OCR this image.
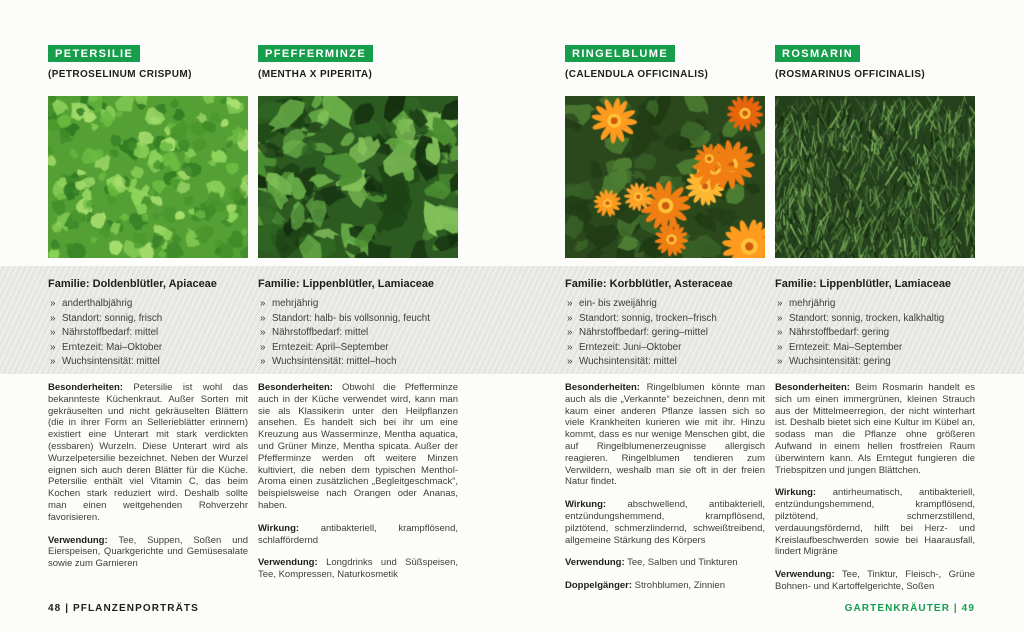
PETERSILIE
(PETROSELINUM CRISPUM)
Familie: Doldenblütler, Apiaceae
» anderthalbjährig
» Standort: sonnig, frisch
» Nährstoffbedarf: mittel
» Erntezeit: Mai–Oktober
» Wuchsintensität: mittel

Besonderheiten: Petersilie ist wohl das bekannteste Küchenkraut. Außer Sorten mit gekräuselten und nicht gekräuselten Blättern (die in ihrer Form an Sellerieblätter erinnern) existiert eine Unterart mit stark verdickten (essbaren) Wurzeln. Diese Unterart wird als Wurzelpetersilie bezeichnet. Neben der Wurzel eignen sich auch deren Blätter für die Küche. Petersilie enthält viel Vitamin C, das beim Kochen stark reduziert wird. Deshalb sollte man einen weitgehenden Rohverzehr favorisieren.

Verwendung: Tee, Suppen, Soßen und Eierspeisen, Quarkgerichte und Gemüsesalate sowie zum Garnieren

PFEFFERMINZE
(MENTHA X PIPERITA)
Familie: Lippenblütler, Lamiaceae
» mehrjährig
» Standort: halb- bis vollsonnig, feucht
» Nährstoffbedarf: mittel
» Erntezeit: April–September
» Wuchsintensität: mittel–hoch

Besonderheiten: Obwohl die Pfefferminze auch in der Küche verwendet wird, kann man sie als Klassikerin unter den Heilpflanzen ansehen. Es handelt sich bei ihr um eine Kreuzung aus Wasserminze, Mentha aquatica, und Grüner Minze, Mentha spicata. Außer der Pfefferminze werden oft weitere Minzen kultiviert, die neben dem typischen Menthol-Aroma einen zusätzlichen „Begleitgeschmack“, beispielsweise nach Orangen oder Ananas, haben.

Wirkung: antibakteriell, krampflösend, schlaffördernd

Verwendung: Longdrinks und Süßspeisen, Tee, Kompressen, Naturkosmetik

RINGELBLUME
(CALENDULA OFFICINALIS)
Familie: Korbblütler, Asteraceae
» ein- bis zweijährig
» Standort: sonnig, trocken–frisch
» Nährstoffbedarf: gering–mittel
» Erntezeit: Juni–Oktober
» Wuchsintensität: mittel

Besonderheiten: Ringelblumen könnte man auch als die „Verkannte“ bezeichnen, denn mit kaum einer anderen Pflanze lassen sich so viele Krankheiten kurieren wie mit ihr. Hinzu kommt, dass es nur wenige Menschen gibt, die auf Ringelblumenerzeugnisse allergisch reagieren. Ringelblumen tendieren zum Verwildern, weshalb man sie oft in der freien Natur findet.

Wirkung: abschwellend, antibakteriell, entzündungshemmend, krampflösend, pilztötend, schmerzlindernd, schweißtreibend, allgemeine Stärkung des Körpers

Verwendung: Tee, Salben und Tinkturen

Doppelgänger: Strohblumen, Zinnien

ROSMARIN
(ROSMARINUS OFFICINALIS)
Familie: Lippenblütler, Lamiaceae
» mehrjährig
» Standort: sonnig, trocken, kalkhaltig
» Nährstoffbedarf: gering
» Erntezeit: Mai–September
» Wuchsintensität: gering

Besonderheiten: Beim Rosmarin handelt es sich um einen immergrünen, kleinen Strauch aus der Mittelmeerregion, der nicht winterhart ist. Deshalb bietet sich eine Kultur im Kübel an, sodass man die Pflanze ohne größeren Aufwand in einem hellen frostfreien Raum überwintern kann. Als Erntegut fungieren die Triebspitzen und jungen Blättchen.

Wirkung: antirheumatisch, antibakteriell, entzündungshemmend, krampflösend, pilztötend, schmerzstillend, verdauungsfördernd, hilft bei Herz- und Kreislaufbeschwerden sowie bei Haarausfall, lindert Migräne

Verwendung: Tee, Tinktur, Fleisch-, Grüne Bohnen- und Kartoffelgerichte, Soßen

48 | PFLANZENPORTRÄTS	GARTENKRÄUTER | 49
